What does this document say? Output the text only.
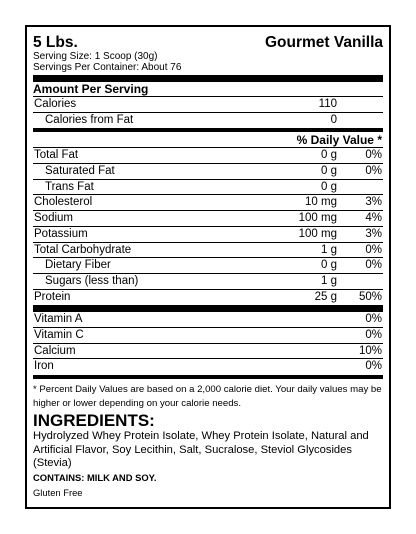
5 Lbs.	Gourmet Vanilla
Serving Size: 1 Scoop (30g)
Servings Per Container: About 76
Amount Per Serving
Calories	110
Calories from Fat	0
% Daily Value *
Total Fat	0 g 0%
Saturated Fat	0 g 0%
Trans Fat	0 g
Cholesterol	10 mg 3%
Sodium	100 mg 4%
Potassium	100 mg 3%
Total Carbohydrate	1 g 0%
Dietary Fiber	0 g 0%
Sugars (less than)	1 g
Protein	25 g 50%
Vitamin A	0%
Vitamin C	0%
Calcium	10%
Iron	0%
* Percent Daily Values are based on a 2,000 calorie diet. Your daily values may be higher or lower depending on your calorie needs.
INGREDIENTS:
Hydrolyzed Whey Protein Isolate, Whey Protein Isolate, Natural and Artificial Flavor, Soy Lecithin, Salt, Sucralose, Steviol Glycosides (Stevia)
CONTAINS: MILK AND SOY.
Gluten Free
